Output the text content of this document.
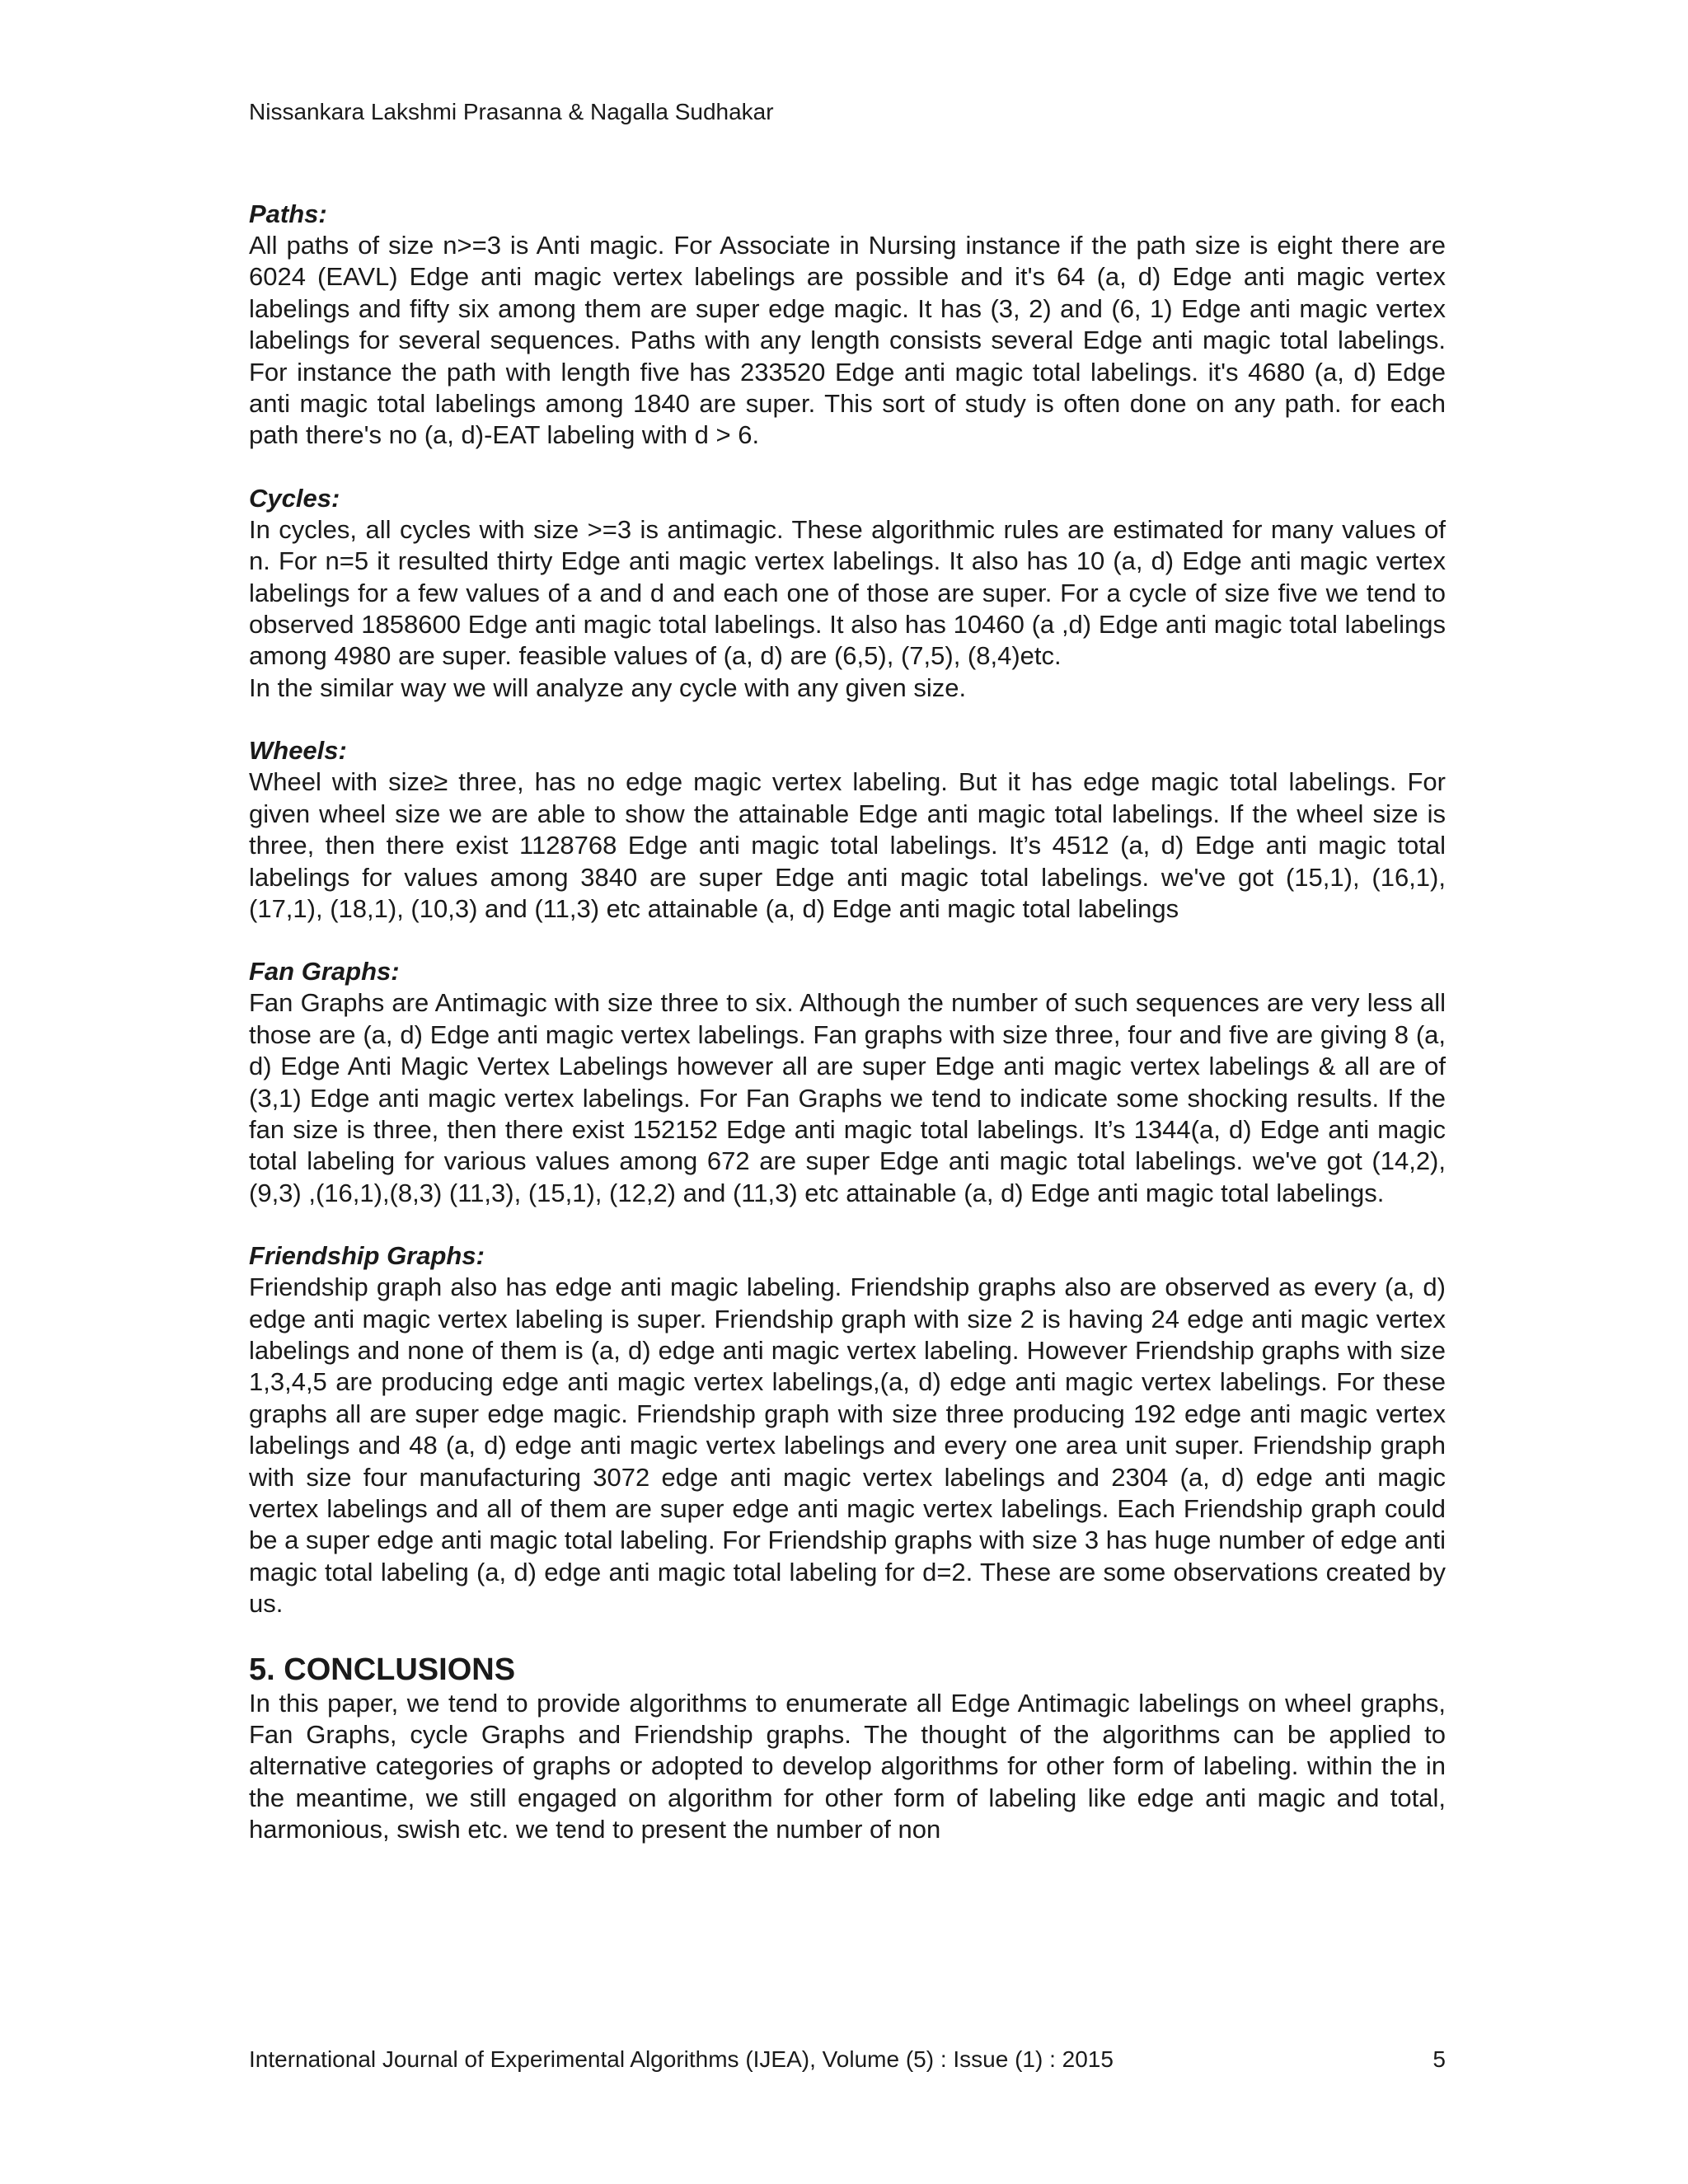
Nissankara Lakshmi Prasanna & Nagalla Sudhakar

Paths:

All paths of size n>=3 is Anti magic. For Associate in Nursing instance if the path size is eight there are 6024 (EAVL) Edge anti magic vertex labelings are possible and it's 64 (a, d) Edge anti magic vertex labelings and fifty six among them are super edge magic. It has (3, 2) and (6, 1) Edge anti magic vertex labelings for several sequences. Paths with any length consists several Edge anti magic total labelings. For instance the path with length five has 233520 Edge anti magic total labelings. it's 4680 (a, d) Edge anti magic total labelings among 1840 are super. This sort of study is often done on any path. for each path there's no (a, d)-EAT labeling with d > 6.

Cycles:

In cycles, all cycles with size >=3 is antimagic. These algorithmic rules are estimated for many values of n. For n=5 it resulted thirty Edge anti magic vertex labelings. It also has 10 (a, d) Edge anti magic vertex labelings for a few values of a and d and each one of those are super. For a cycle of size five we tend to observed 1858600 Edge anti magic total labelings. It also has 10460 (a ,d) Edge anti magic total labelings among 4980 are super. feasible values of (a, d) are (6,5), (7,5), (8,4)etc.

In the similar way we will analyze any cycle with any given size.

Wheels:

Wheel with size≥ three, has no edge magic vertex labeling. But it has edge magic total labelings. For given wheel size we are able to show the attainable Edge anti magic total labelings. If the wheel size is three, then there exist 1128768 Edge anti magic total labelings. It’s 4512 (a, d) Edge anti magic total labelings for values among 3840 are super Edge anti magic total labelings. we've got (15,1), (16,1), (17,1), (18,1), (10,3) and (11,3) etc attainable (a, d) Edge anti magic total labelings

Fan Graphs:

Fan Graphs are Antimagic with size three to six. Although the number of such sequences are very less all those are (a, d) Edge anti magic vertex labelings. Fan graphs with size three, four and five are giving 8 (a, d) Edge Anti Magic Vertex Labelings however all are super Edge anti magic vertex labelings & all are of (3,1) Edge anti magic vertex labelings. For Fan Graphs we tend to indicate some shocking results. If the fan size is three, then there exist 152152 Edge anti magic total labelings. It’s 1344(a, d) Edge anti magic total labeling for various values among 672 are super Edge anti magic total labelings. we've got (14,2),(9,3) ,(16,1),(8,3) (11,3), (15,1), (12,2) and (11,3) etc attainable (a, d) Edge anti magic total labelings.

Friendship Graphs:

Friendship graph also has edge anti magic labeling. Friendship graphs also are observed as every (a, d) edge anti magic vertex labeling is super. Friendship graph with size 2 is having 24 edge anti magic vertex labelings and none of them is (a, d) edge anti magic vertex labeling. However Friendship graphs with size 1,3,4,5 are producing edge anti magic vertex labelings,(a, d) edge anti magic vertex labelings. For these graphs all are super edge magic. Friendship graph with size three producing 192 edge anti magic vertex labelings and 48 (a, d) edge anti magic vertex labelings and every one area unit super. Friendship graph with size four manufacturing 3072 edge anti magic vertex labelings and 2304 (a, d) edge anti magic vertex labelings and all of them are super edge anti magic vertex labelings. Each Friendship graph could be a super edge anti magic total labeling. For Friendship graphs with size 3 has huge number of edge anti magic total labeling (a, d) edge anti magic total labeling for d=2. These are some observations created by us.

5. CONCLUSIONS

In this paper, we tend to provide algorithms to enumerate all Edge Antimagic labelings on wheel graphs, Fan Graphs, cycle Graphs and Friendship graphs. The thought of the algorithms can be applied to alternative categories of graphs or adopted to develop algorithms for other form of labeling. within the in the meantime, we still engaged on algorithm for other form of labeling like edge anti magic and total, harmonious, swish etc. we tend to present the number of non

International Journal of Experimental Algorithms (IJEA), Volume (5) : Issue (1) : 2015	5
